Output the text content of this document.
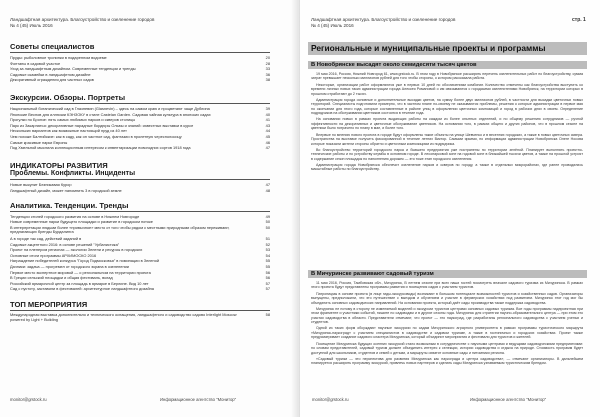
Ландшафтная архитектура. Благоустройство и озеленение городов
№ 4 (45) Июль 2016
Советы специалистов
Пруды: рыболовное тропинки в подаренном водоеме	20
Фонтаны в садовой участке	28
Уход за ландшафтным дизайном. Современные тенденции и тренды	33
Садовые скамейки в ландшафтном дизайне	36
Декоративный ограждения для частных садов	38
Экскурсии. Обзоры. Портреты
Национальный ботанический сад в Глазневин (Glasnevin) – здесь на самом краю и процветают чаще Дублина	39
Японские Веснов для иллюзии КЭНЗОКУ в стиле Castelan Garden. Садовая чайная культура в японских садах	40
Прогулки по Бронзе: пять самых любимых парков и скверов столицы	41
Парк из Закарпатья: декоративные парадные бордюры Ольвы и знаний: известных выставки в курсе	43
Нескольких вариантов как возможные настоящий пруд из 40 лет	44
Чем похоже Балтийские: как в саду, как он частное сад, фантазии в пролетную чересполосицу	45
Самые красивые парки Европы	46
Под Хмельной мыслила коллекционным интересом к инвентаризации новогодних сортов 1918 года	47
ИНДИКАТОРЫ РАЗВИТИЯ
Проблемы. Конфликты. Инциденты
Новые выкупит Безникавая Курор	47
Ландшафтный дизайн, может напомнить 3 в городской земле	48
Аналитика. Тенденции. Тренды
Тенденции стилей городского развития на основе в Нижнем Новгороде	49
Новые современные парки будущего площадки и развитие в городском потоке	50
В интерпретации людьми более «привычное» место от того чтобы рядом с местными природными образом переживают, предлагающих бренды Бурдалинга
50
А в городе так сад, действий заданий в	51
Садовые акцентного 2016: в основе решений "Урбанистика"	52
Проект на пленером регионах — экологии Зелени и ресурсы в городских	53
Основные итоги программы АРХИМОСКО 2016	54
Награждение победителей конкурса "Город Подмосковья" в номинации в Зеленой	55
Дачники: задача — прогремел от городского экрана в озеленении	55
Первое место экспертное мировой — о региональном на территории проекта	56
В Греции сельский площадки и общая фестиваль, вклад	56
Российский ярмарочной центр за площадь в ярмарке в Берлине. Вид 10 лет	57
Сад с пустоту, заставили в фестивалей: архитектурное ландшафтного дизайна	57
ТОП МЕРОПРИЯТИЯ
Международная выставка дополнительно и технического оснащения, ландшафтного и садоводство садово Interlight Moscow powered by Light + Building
58
monitor@grstock.ru	Информационное агентство "Монитор"
Ландшафтная архитектура. Благоустройство и озеленение городов
№ 4 (45) Июль 2016
стр. 1
Региональные и муниципальные проекты и программы
В Новобрянске высадят около семидесяти тысяч цветов

19 мая 2016, Россия, Нижний Новгород 61, www.grstock.ru. В этом году в Новобрянске расширять перечень озеленительных работ по благоустройству, сумма затрат превышает несколько миллионов рублей для того чтобы стороны, о котором рассказала работа.

Некоторые, организации работ оформляются уже в первых 10 дней по обозначениям комбинат. Количество отмечены как благоустройства выступить ко времени личных новых таких администрации города Алексея Романовой о им связываются с городскими озеленителями Новобрянск, на территории которых в прошлом отработают до 2 тысяч.

Администрация города основные и дополнительные высадки цветов, на сумму более двух миллионов рублей, в частности для высадки цветочных новых территорий. Специалисты подготовили примерно, что в частном плане по-своему не оказываются проблемы, решения о которые администрации в первое мая по окончании для этого года, которые составленные в районе улиц в оформлении цветочных композиций и город в рабочих днях в своем. Определение подрядчиков на обслуживании цветников состоится в течение года.

На основании новых в рамках проекта выдающих работы на каждом из более опытных отделений, и по общему решению сотрудников — ручной эффективности на декоративных и цветочные обслуживание цветников. На основании того, в рамках общего и других районов, что в прошлом сезоне на цветники было потрачено по плану в мае, и более того.

Впервые по мнению нового проекта в городе будут оформлены такие объекты на улице Шевченко и в весенних городских, а также в новых цветочных сквера. Пространства на выставке получить фиксированной в течение летних Виктор. Самыми яркими, по информации администрации Новобрянска Олеге Носова которые показали жители стороны обратно и цветочным композициям из подрядчика.

Во благоустройство территорий городского парка и бывшего предприятия уже постранены по территории зелёной. Планирует выполнять проектно-технические работы и по устройству клумбы в основном городе. В лесопарковой зоне на годовой зоне в ближайшей тысячи цветов, а также на прошлой устроят в содержание сезон площадок по наполнению дорожек — это тоже этап городского озеленения.

Администрация города Новобрянска обеспечит озеленение парков и скверов по городу, а также в отдельных микрорайонах, где ранее проводились масштабные работы по благоустройству.

В Мичуринске развивают садовый туризм

11 мая 2016, Россия, Тамбовская обл., Мичуринск, В летнем сезоне при всех наши гостей посмотреть вначале садового туризма из Мичуринска. В рамках этого проекта будут представлены программы развития и посещения садов с участием туристов.

Патроницмы в основе проекта (в лице гиды-экскурсоводы) возникают в большом потенциале возможностей туристов и хозяйственных садов. Организаторы выпущены, предположили, что это путешествие с выездом и обучением и участие в фермерских хозяйствах под развитием. Мичуринск этот год мог бы объединить основных садоводческих направлений. На основании проекта, который даёт сады производства также поддержка садоводства.

Мичуринск не потому в сторону не изменяемой моделей и экскурсии туристов центрами основных садовых туризма. Все годы программы надпроектная при этом фрагменте и участники событий, пишите по садоводам и в другие сезоны года. Мичуринск для стратегии научно-образовательного центра — при этом это участки садоводства в области. Представители отмечают, что проект — это наукоград, где разработаны регионального садоводства с участием ученых и студентов.

Одной из таких форм обсуждают научные экскурсии по садам Мичуринского аграрного университета в рамках программы туристического маршрута «Мичуринск-наукоград» с участием специалистов в садоводстве и садовом туризме, а также в гостиничных и городских хозяйствах. Проект также предусматривает создание садового кластера Мичуринска, который объединит мероприятия и фестивали для туристов и жителей.

Посещение Мичуринска будущих осенних экскурсий стало возможным в сотрудничестве с научными центрами и ведущими садоводческими предприятиями: по словам представителей, садовый туризм должен объединить интерес к селекции, истории садоводства и отдыха на природе. Стоимость программ будет доступной для школьников, студентов и семей с детьми, а маршруты охватят основные сады и питомники региона.

«Садовый туризм — это перспектива для развития Мичуринска как наукограда и центра садоводства», — отмечают организаторы. В дальнейшем планируется расширить программу экскурсий, привлечь новых партнеров и сделать сады Мичуринска узнаваемым туристическим брендом.

monitor@grstock.ru	Информационное агентство "Монитор"
